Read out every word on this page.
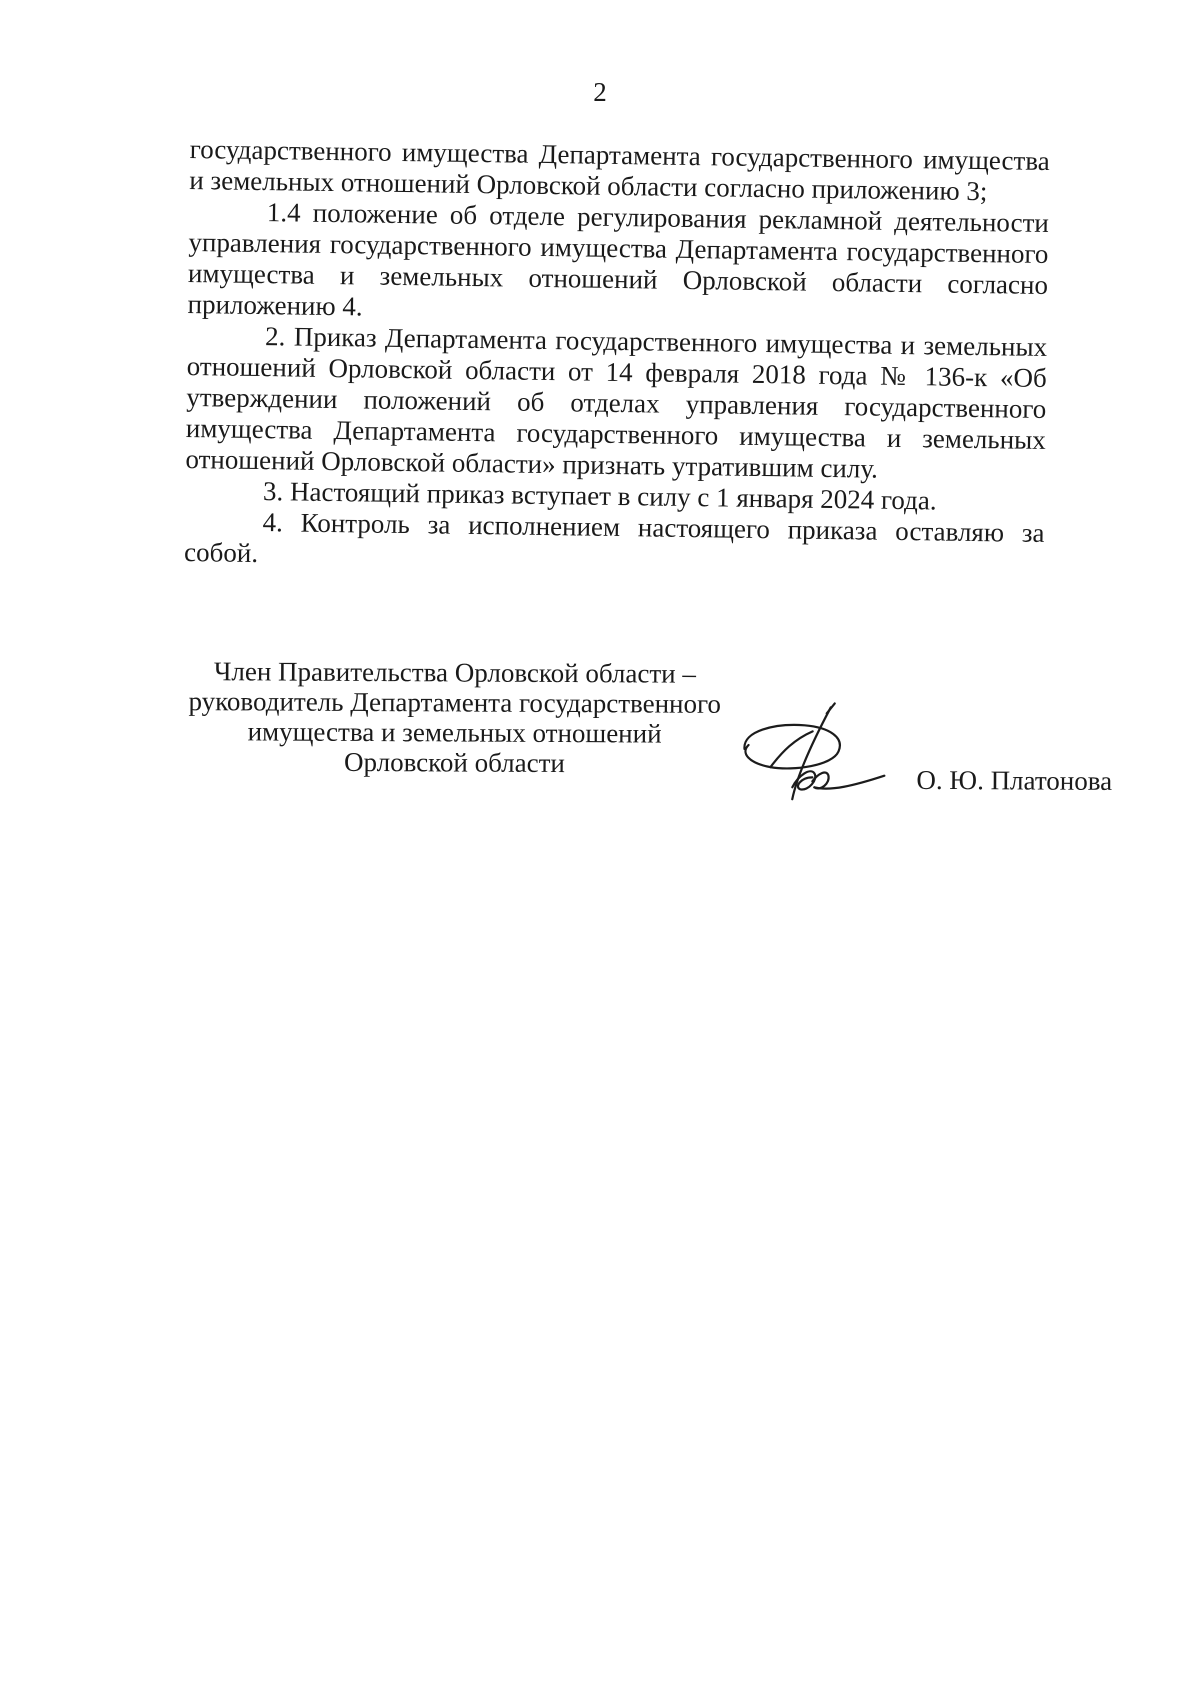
2

государственного имущества Департамента государственного имущества и земельных отношений Орловской области согласно приложению 3;

1.4 положение об отделе регулирования рекламной деятельности управления государственного имущества Департамента государственного имущества и земельных отношений Орловской области согласно приложению 4.

2. Приказ Департамента государственного имущества и земельных отношений Орловской области от 14 февраля 2018 года № 136-к «Об утверждении положений об отделах управления государственного имущества Департамента государственного имущества и земельных отношений Орловской области» признать утратившим силу.

3. Настоящий приказ вступает в силу с 1 января 2024 года.

4. Контроль за исполнением настоящего приказа оставляю за собой.

Член Правительства Орловской области –
руководитель Департамента государственного
имущества и земельных отношений
Орловской области
О. Ю. Платонова
